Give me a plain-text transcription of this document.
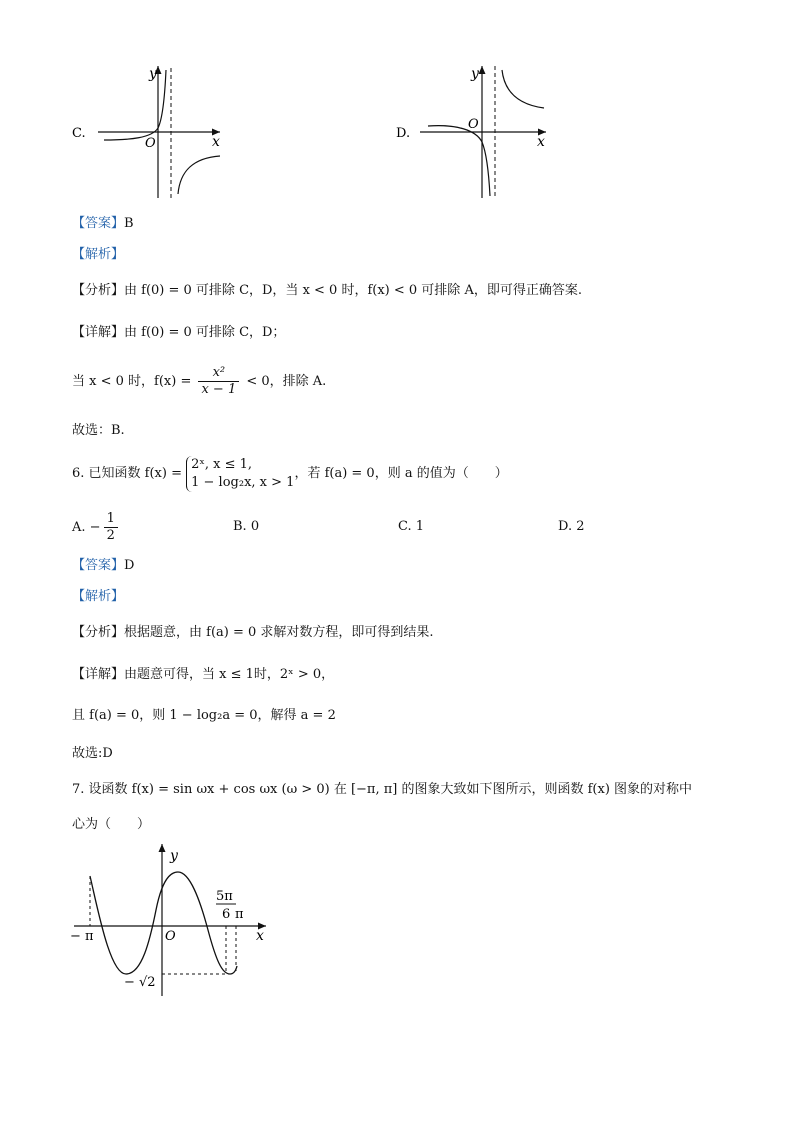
C.
y
x
O
D.
y
x
O
【答案】B
【解析】
【分析】由 f(0) = 0 可排除 C，D，当 x < 0 时，f(x) < 0 可排除 A，即可得正确答案.
【详解】由 f(0) = 0 可排除 C，D；
当 x < 0 时，$f(x) = \frac{\text{x²}}{x - 1} < 0$，排除 A.
故选：B.
6. 已知函数 f(x) =
2ˣ, x ≤ 1,
1 − log₂x, x > 1
，若 f(a) = 0，则 a 的值为（　　）
A. − $\frac{1}{2}$	B. 0	C. 1	D. 2
【答案】D
【解析】
【分析】根据题意，由 f(a) = 0 求解对数方程，即可得到结果.
【详解】由题意可得，当 x ≤ 1时，2ˣ > 0，
且 f(a) = 0，则 1 − log₂a = 0，解得 a = 2
故选:D
7. 设函数 f(x) = sin ωx + cos ωx (ω > 0) 在 [−π, π] 的图象大致如下图所示，则函数 f(x) 图象的对称中
心为（　　）
y
x
O
− π
5π
6 π
− √2
